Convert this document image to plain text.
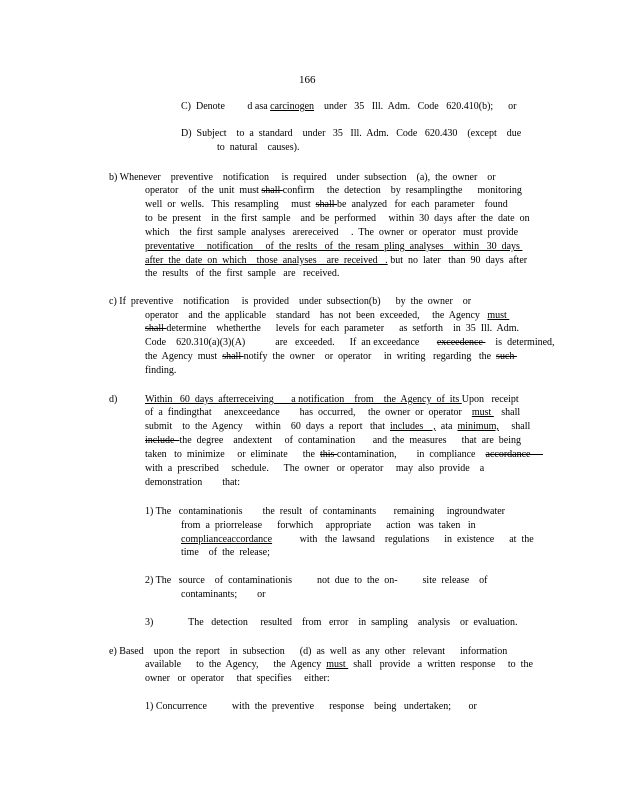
166
C)  Denote         d asa carcinogen    under   35   Ill.  Adm.   Code   620.410(b);      or
D)  Subject    to  a  standard    under   35   Ill.  Adm.   Code   620.430    (except    due
to  natural    causes).
b) Whenever    preventive    notification     is  required    under  subsection    (a),  the  owner    or
operator    of  the  unit  must shall confirm     the  detection    by  resamplingthe      monitoring
well  or  wells.   This  resampling     must  shall be  analyzed   for  each  parameter    found
to  be  present    in  the  first  sample    and  be  performed     within  30  days  after  the  date  on
which    the  first  sample  analyses   arereceived     .  The  owner  or  operator   must  provide
preventative     notification     of  the  reslts   of  the  resam  pling  analyses    within   30  days
after  the  date  on  which    those  analyses    are  received   . but  no  later   than  90  days  after
the  results   of  the  first  sample   are   received.
c) If  preventive    notification     is  provided    under  subsection(b)      by  the  owner    or
operator    and  the  applicable    standard    has  not  been  exceeded,     the  Agency   must
shall determine    whetherthe      levels  for  each  parameter      as  setforth    in  35  Ill.  Adm.
Code    620.310(a)(3)(A)            are   exceeded.      If  an exceedance       exceedence     is  determined,
the  Agency  must  shall notify  the  owner    or  operator     in  writing   regarding   the  such
finding.
d)	Within   60  days  afterreceiving       a notification    from    the  Agency  of  its Upon   receipt
of  a  findingthat     anexceedance        has  occurred,     the  owner  or  operator    must    shall
submit    to  the  Agency     within    60  days  a  report   that  includes    ,  ata  minimum,     shall
include  the  degree    andextent     of  contamination       and  the  measures      that  are  being
taken   to  minimize     or  eliminate      the  this contamination,        in  compliance    accordance
with  a  prescribed     schedule.      The  owner   or  operator     may  also  provide    a
demonstration        that:
1) The   contaminationis        the  result   of  contaminants       remaining     ingroundwater
from  a  priorrelease      forwhich     appropriate      action   was  taken   in
complianceaccordance           with   the  lawsand    regulations      in  existence      at  the
time    of  the  release;
2) The   source    of  contaminationis          not  due  to  the  on-          site  release    of
contaminants;        or
3)              The   detection     resulted    from   error    in  sampling    analysis    or  evaluation.
e) Based    upon  the  report    in  subsection      (d)  as  well  as  any  other   relevant      information
available      to  the  Agency,      the  Agency  must   shall   provide   a  written  response     to  the
owner   or  operator     that  specifies     either:
1) Concurrence          with  the  preventive      response    being   undertaken;       or
